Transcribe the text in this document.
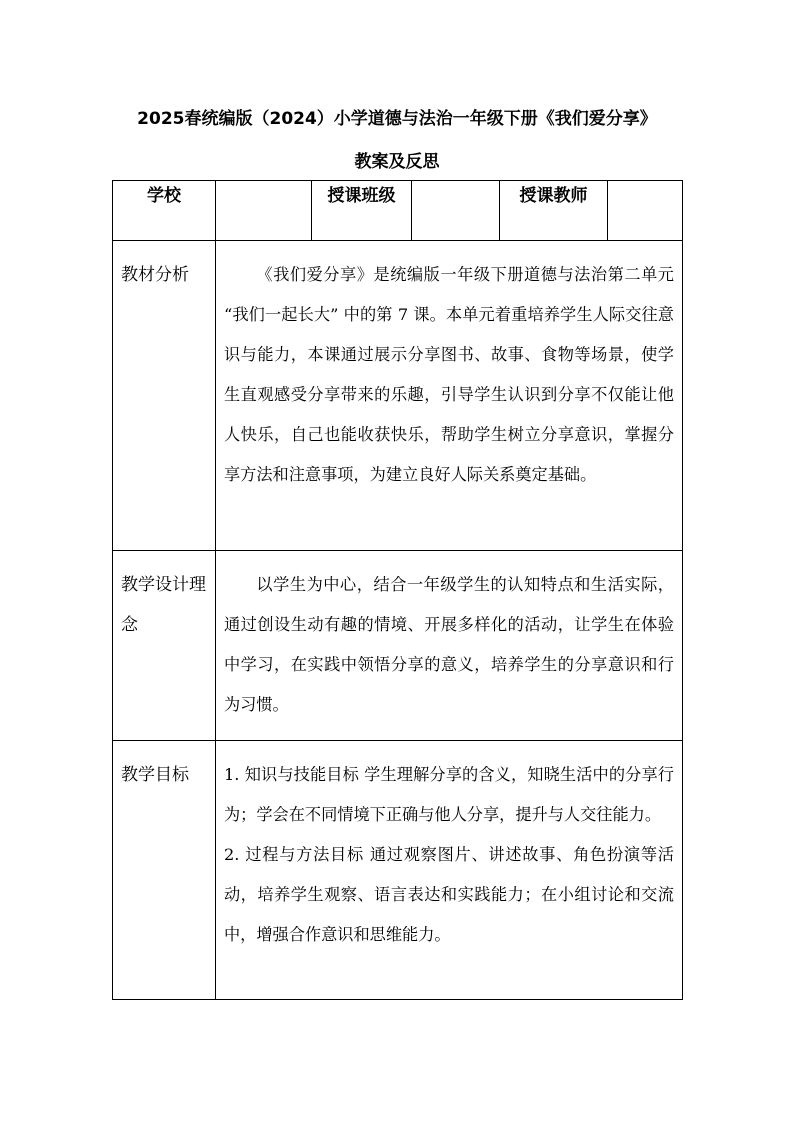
2025春统编版（2024）小学道德与法治一年级下册《我们爱分享》
教案及反思
学校		授课班级		授课教师	
教材分析	《我们爱分享》是统编版一年级下册道德与法治第二单元 “我们一起长大” 中的第 7 课。本单元着重培养学生人际交往意识与能力，本课通过展示分享图书、故事、食物等场景，使学生直观感受分享带来的乐趣，引导学生认识到分享不仅能让他人快乐，自己也能收获快乐，帮助学生树立分享意识，掌握分享方法和注意事项，为建立良好人际关系奠定基础。				

教学设计理念	以学生为中心，结合一年级学生的认知特点和生活实际，通过创设生动有趣的情境、开展多样化的活动，让学生在体验中学习，在实践中领悟分享的意义，培养学生的分享意识和行为习惯。				

教学目标	1. 知识与技能目标 学生理解分享的含义，知晓生活中的分享行为；学会在不同情境下正确与他人分享，提升与人交往能力。

2. 过程与方法目标 通过观察图片、讲述故事、角色扮演等活动，培养学生观察、语言表达和实践能力；在小组讨论和交流中，增强合作意识和思维能力。				
